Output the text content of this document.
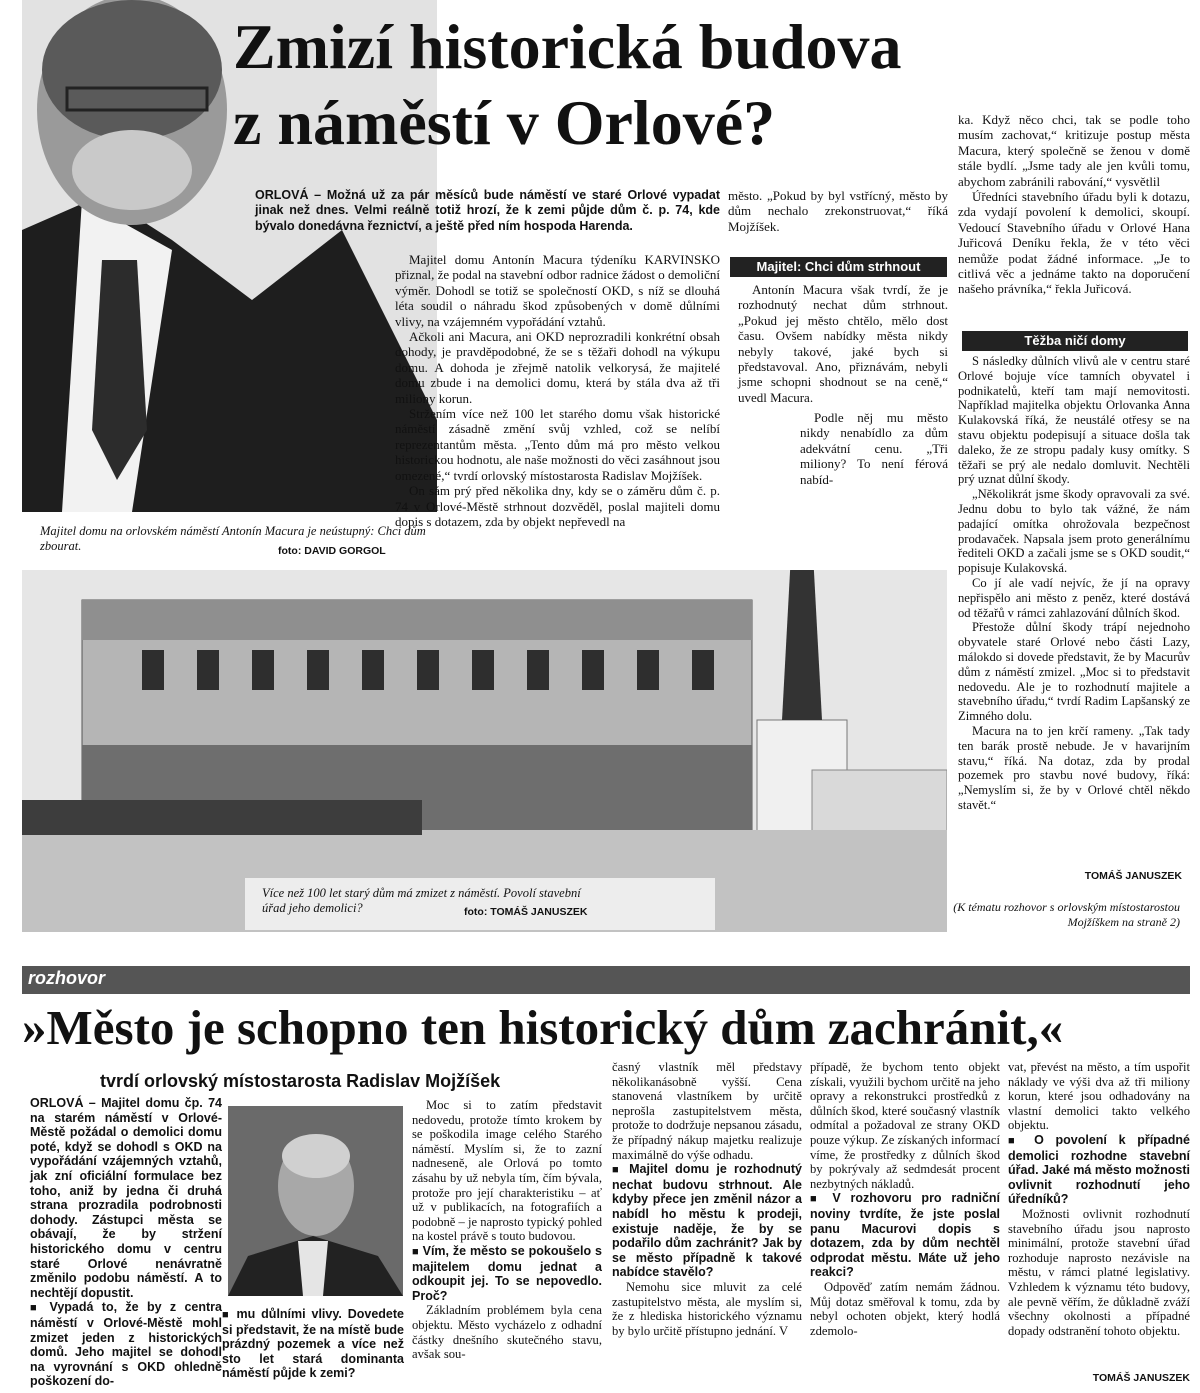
Majitel domu na orlovském náměstí Antonín Macura je neústupný: Chci dům zbourat.	foto: DAVID GORGOL
Zmizí historická budova
z náměstí v Orlové?

ORLOVÁ – Možná už za pár měsíců bude náměstí ve staré Orlové vypadat jinak než dnes. Velmi reálně totiž hrozí, že k zemi půjde dům č. p. 74, kde bývalo donedávna řeznictví, a ještě před ním hospoda Harenda.

Majitel domu Antonín Macura týdeníku KARVINSKO přiznal, že podal na stavební odbor radnice žádost o demoliční výměr. Dohodl se totiž se společností OKD, s níž se dlouhá léta soudil o náhradu škod způsobených v domě důlními vlivy, na vzájemném vypořádání vztahů.

Ačkoli ani Macura, ani OKD neprozradili konkrétní obsah dohody, je pravděpodobné, že se s těžaři dohodl na výkupu domu. A dohoda je zřejmě natolik velkorysá, že majitelé domu zbude i na demolici domu, která by stála dva až tři miliony korun.

Stržením více než 100 let starého domu však historické náměstí zásadně změní svůj vzhled, což se nelíbí reprezentantům města. „Tento dům má pro město velkou historickou hodnotu, ale naše možnosti do věci zasáhnout jsou omezené,“ tvrdí orlovský místostarosta Radislav Mojžíšek.

On sám prý před několika dny, kdy se o záměru dům č. p. 74 v Orlové-Městě strhnout dozvěděl, poslal majiteli domu dopis s dotazem, zda by objekt nepřevedl na

město. „Pokud by byl vstřícný, město by dům nechalo zrekonstruovat,“ říká Mojžíšek.

Majitel: Chci dům strhnout

Antonín Macura však tvrdí, že je rozhodnutý nechat dům strhnout. „Pokud jej město chtělo, mělo dost času. Ovšem nabídky města nikdy nebyly takové, jaké bych si představoval. Ano, přiznávám, nebyli jsme schopni shodnout se na ceně,“ uvedl Macura.

Podle něj mu město nikdy nenabídlo za dům adekvátní cenu. „Tři miliony? To není férová nabíd-

ka. Když něco chci, tak se podle toho musím zachovat,“ kritizuje postup města Macura, který společně se ženou v domě stále bydlí. „Jsme tady ale jen kvůli tomu, abychom zabránili rabování,“ vysvětlil

Úředníci stavebního úřadu byli k dotazu, zda vydají povolení k demolici, skoupí. Vedoucí Stavebního úřadu v Orlové Hana Juřicová Deníku řekla, že v této věci nemůže podat žádné informace. „Je to citlivá věc a jednáme takto na doporučení našeho právníka,“ řekla Juřicová.

Těžba ničí domy

S následky důlních vlivů ale v centru staré Orlové bojuje více tamních obyvatel i podnikatelů, kteří tam mají nemovitosti. Například majitelka objektu Orlovanka Anna Kulakovská říká, že neustálé otřesy se na stavu objektu podepisují a situace došla tak daleko, že ze stropu padaly kusy omítky. S těžaři se prý ale nedalo domluvit. Nechtěli prý uznat důlní škody.

„Několikrát jsme škody opravovali za své. Jednu dobu to bylo tak vážné, že nám padající omítka ohrožovala bezpečnost prodavaček. Napsala jsem proto generálnímu řediteli OKD a začali jsme se s OKD soudit,“ popisuje Kulakovská.

Co jí ale vadí nejvíc, že jí na opravy nepřispělo ani město z peněz, které dostává od těžařů v rámci zahlazování důlních škod.

Přestože důlní škody trápí nejednoho obyvatele staré Orlové nebo části Lazy, málokdo si dovede představit, že by Macurův dům z náměstí zmizel. „Moc si to představit nedovedu. Ale je to rozhodnutí majitele a stavebního úřadu,“ tvrdí Radim Lapšanský ze Zimného dolu.

Macura na to jen krčí rameny. „Tak tady ten barák prostě nebude. Je v havarijním stavu,“ říká. Na dotaz, zda by prodal pozemek pro stavbu nové budovy, říká: „Nemyslím si, že by v Orlové chtěl někdo stavět.“

TOMÁŠ JANUSZEK
Více než 100 let starý dům má zmizet z náměstí. Povolí stavební úřad jeho demolici?	foto: TOMÁŠ JANUSZEK	(K tématu rozhovor s orlovským místostarostou Mojžíškem na straně 2)
rozhovor
»Město je schopno ten historický dům zachránit,«
tvrdí orlovský místostarosta Radislav Mojžíšek

ORLOVÁ – Majitel domu čp. 74 na starém náměstí v Orlové-Městě požádal o demolici domu poté, když se dohodl s OKD na vypořádání vzájemných vztahů, jak zní oficiální formulace bez toho, aniž by jedna či druhá strana prozradila podrobnosti dohody. Zástupci města se obávají, že by stržení historického domu v centru staré Orlové nenávratně změnilo podobu náměstí. A to nechtějí dopustit.

■ Vypadá to, že by z centra náměstí v Orlové-Městě mohl zmizet jeden z historických domů. Jeho majitel se dohodl na vyrovnání s OKD ohledně poškození do-

■ mu důlními vlivy. Dovedete si představit, že na místě bude prázdný pozemek a více než sto let stará dominanta náměstí půjde k zemi?

Moc si to zatím představit nedovedu, protože tímto krokem by se poškodila image celého Starého náměstí. Myslím si, že to zazní nadneseně, ale Orlová po tomto zásahu by už nebyla tím, čím bývala, protože pro její charakteristiku – ať už v publikacích, na fotografiích a podobně – je naprosto typický pohled na kostel právě s touto budovou.

■ Vím, že město se pokoušelo s majitelem domu jednat a odkoupit jej. To se nepovedlo. Proč?

Základním problémem byla cena objektu. Město vycházelo z odhadní částky dnešního skutečného stavu, avšak sou-

časný vlastník měl představy několikanásobně vyšší. Cena stanovená vlastníkem by určitě neprošla zastupitelstvem města, protože to dodržuje nepsanou zásadu, že případný nákup majetku realizuje maximálně do výše odhadu.

■ Majitel domu je rozhodnutý nechat budovu strhnout. Ale kdyby přece jen změnil názor a nabídl ho městu k prodeji, existuje naděje, že by se podařilo dům zachránit? Jak by se město případně k takové nabídce stavělo?

Nemohu sice mluvit za celé zastupitelstvo města, ale myslím si, že z hlediska historického významu by bylo určitě přístupno jednání. V

případě, že bychom tento objekt získali, využili bychom určitě na jeho opravy a rekonstrukci prostředků z důlních škod, které současný vlastník odmítal a požadoval ze strany OKD pouze výkup. Ze získaných informací víme, že prostředky z důlních škod by pokrývaly až sedmdesát procent nezbytných nákladů.

■ V rozhovoru pro radniční noviny tvrdíte, že jste poslal panu Macurovi dopis s dotazem, zda by dům nechtěl odprodat městu. Máte už jeho reakci?

Odpověď zatím nemám žádnou. Můj dotaz směřoval k tomu, zda by nebyl ochoten objekt, který hodlá zdemolo-

vat, převést na město, a tím uspořit náklady ve výši dva až tři miliony korun, které jsou odhadovány na vlastní demolici takto velkého objektu.

■ O povolení k případné demolici rozhodne stavební úřad. Jaké má město možnosti ovlivnit rozhodnutí jeho úředníků?

Možnosti ovlivnit rozhodnutí stavebního úřadu jsou naprosto minimální, protože stavební úřad rozhoduje naprosto nezávisle na městu, v rámci platné legislativy. Vzhledem k významu této budovy, ale pevně věřím, že důkladně zváží všechny okolnosti a případné dopady odstranění tohoto objektu.

TOMÁŠ JANUSZEK
